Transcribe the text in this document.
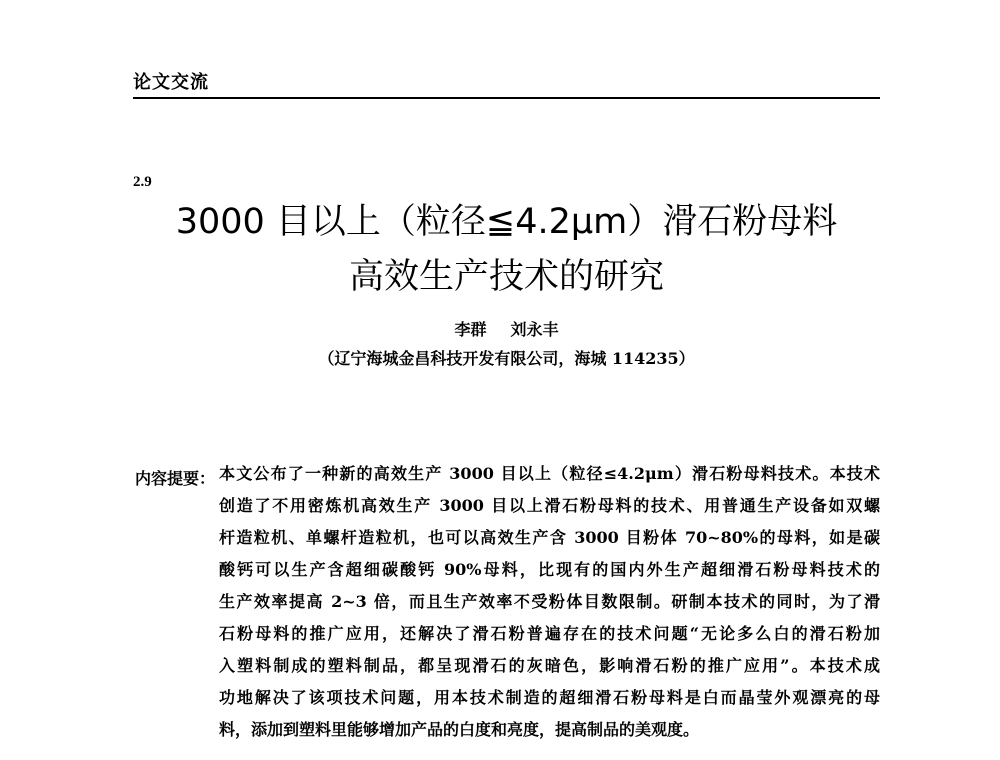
论文交流
2.9
3000 目以上（粒径≦4.2μm）滑石粉母料
高效生产技术的研究
李群 刘永丰
（辽宁海城金昌科技开发有限公司，海城 114235）
内容提要： 本文公布了一种新的高效生产 3000 目以上（粒径≤4.2μm）滑石粉母料技术。本技术
创造了不用密炼机高效生产 3000 目以上滑石粉母料的技术、用普通生产设备如双螺
杆造粒机、单螺杆造粒机，也可以高效生产含 3000 目粉体 70~80%的母料，如是碳
酸钙可以生产含超细碳酸钙 90%母料，比现有的国内外生产超细滑石粉母料技术的
生产效率提高 2~3 倍，而且生产效率不受粉体目数限制。研制本技术的同时，为了滑
石粉母料的推广应用，还解决了滑石粉普遍存在的技术问题“无论多么白的滑石粉加
入塑料制成的塑料制品，都呈现滑石的灰暗色，影响滑石粉的推广应用”。本技术成
功地解决了该项技术问题，用本技术制造的超细滑石粉母料是白而晶莹外观漂亮的母
料，添加到塑料里能够增加产品的白度和亮度，提高制品的美观度。
